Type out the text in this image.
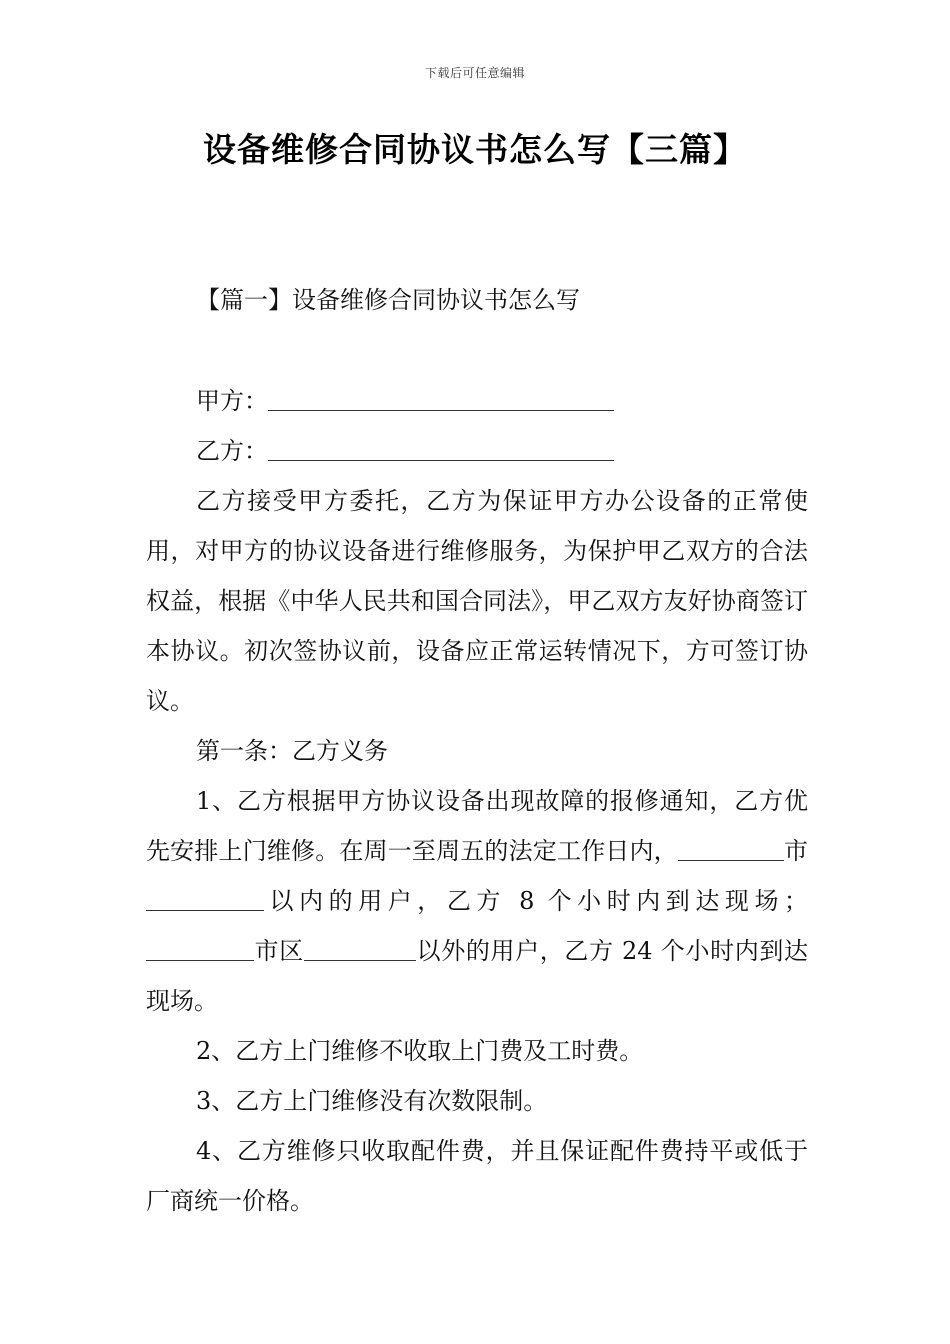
下载后可任意编辑
设备维修合同协议书怎么写【三篇】
【篇一】设备维修合同协议书怎么写

甲方：

乙方：

乙方接受甲方委托，乙方为保证甲方办公设备的正常使用，对甲方的协议设备进行维修服务，为保护甲乙双方的合法权益，根据《中华人民共和国合同法》，甲乙双方友好协商签订本协议。初次签协议前，设备应正常运转情况下，方可签订协议。

第一条：乙方义务

1、乙方根据甲方协议设备出现故障的报修通知，乙方优先安排上门维修。在周一至周五的法定工作日内，	市以内的用户，乙方 8 个小时内到达现场；市区	以外的用户，乙方 24 个小时内到达现场。

2、乙方上门维修不收取上门费及工时费。

3、乙方上门维修没有次数限制。

4、乙方维修只收取配件费，并且保证配件费持平或低于厂商统一价格。
